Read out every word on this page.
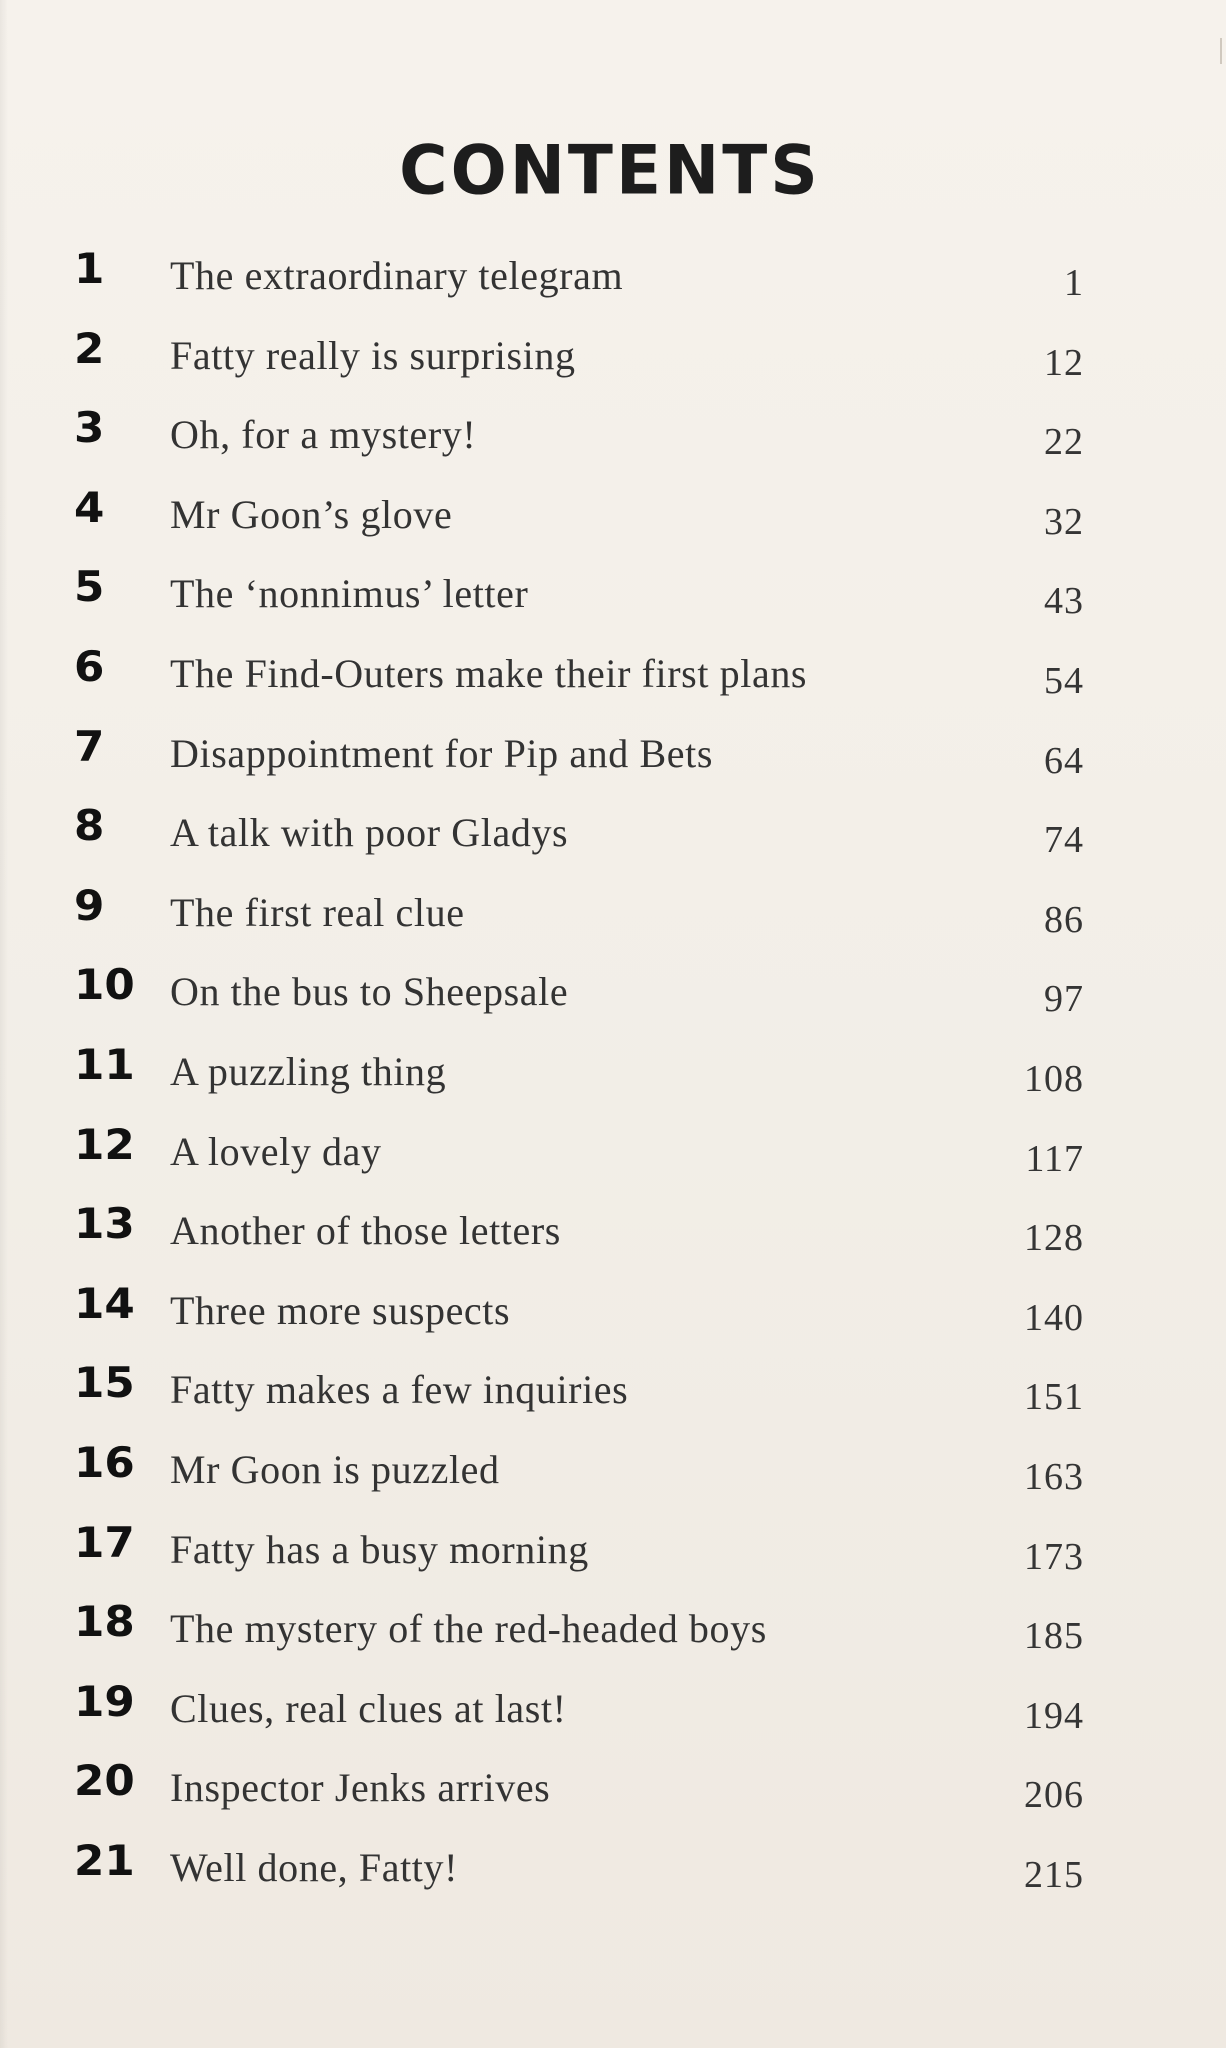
CONTENTS
1	The extraordinary telegram	1
2	Fatty really is surprising	12
3	Oh, for a mystery!	22
4	Mr Goon’s glove	32
5	The ‘nonnimus’ letter	43
6	The Find-Outers make their first plans	54
7	Disappointment for Pip and Bets	64
8	A talk with poor Gladys	74
9	The first real clue	86
10 On the bus to Sheepsale	97
11 A puzzling thing	108
12 A lovely day	117
13 Another of those letters	128
14 Three more suspects	140
15 Fatty makes a few inquiries	151
16 Mr Goon is puzzled	163
17 Fatty has a busy morning	173
18 The mystery of the red-headed boys	185
19 Clues, real clues at last!	194
20 Inspector Jenks arrives	206
21 Well done, Fatty!	215
